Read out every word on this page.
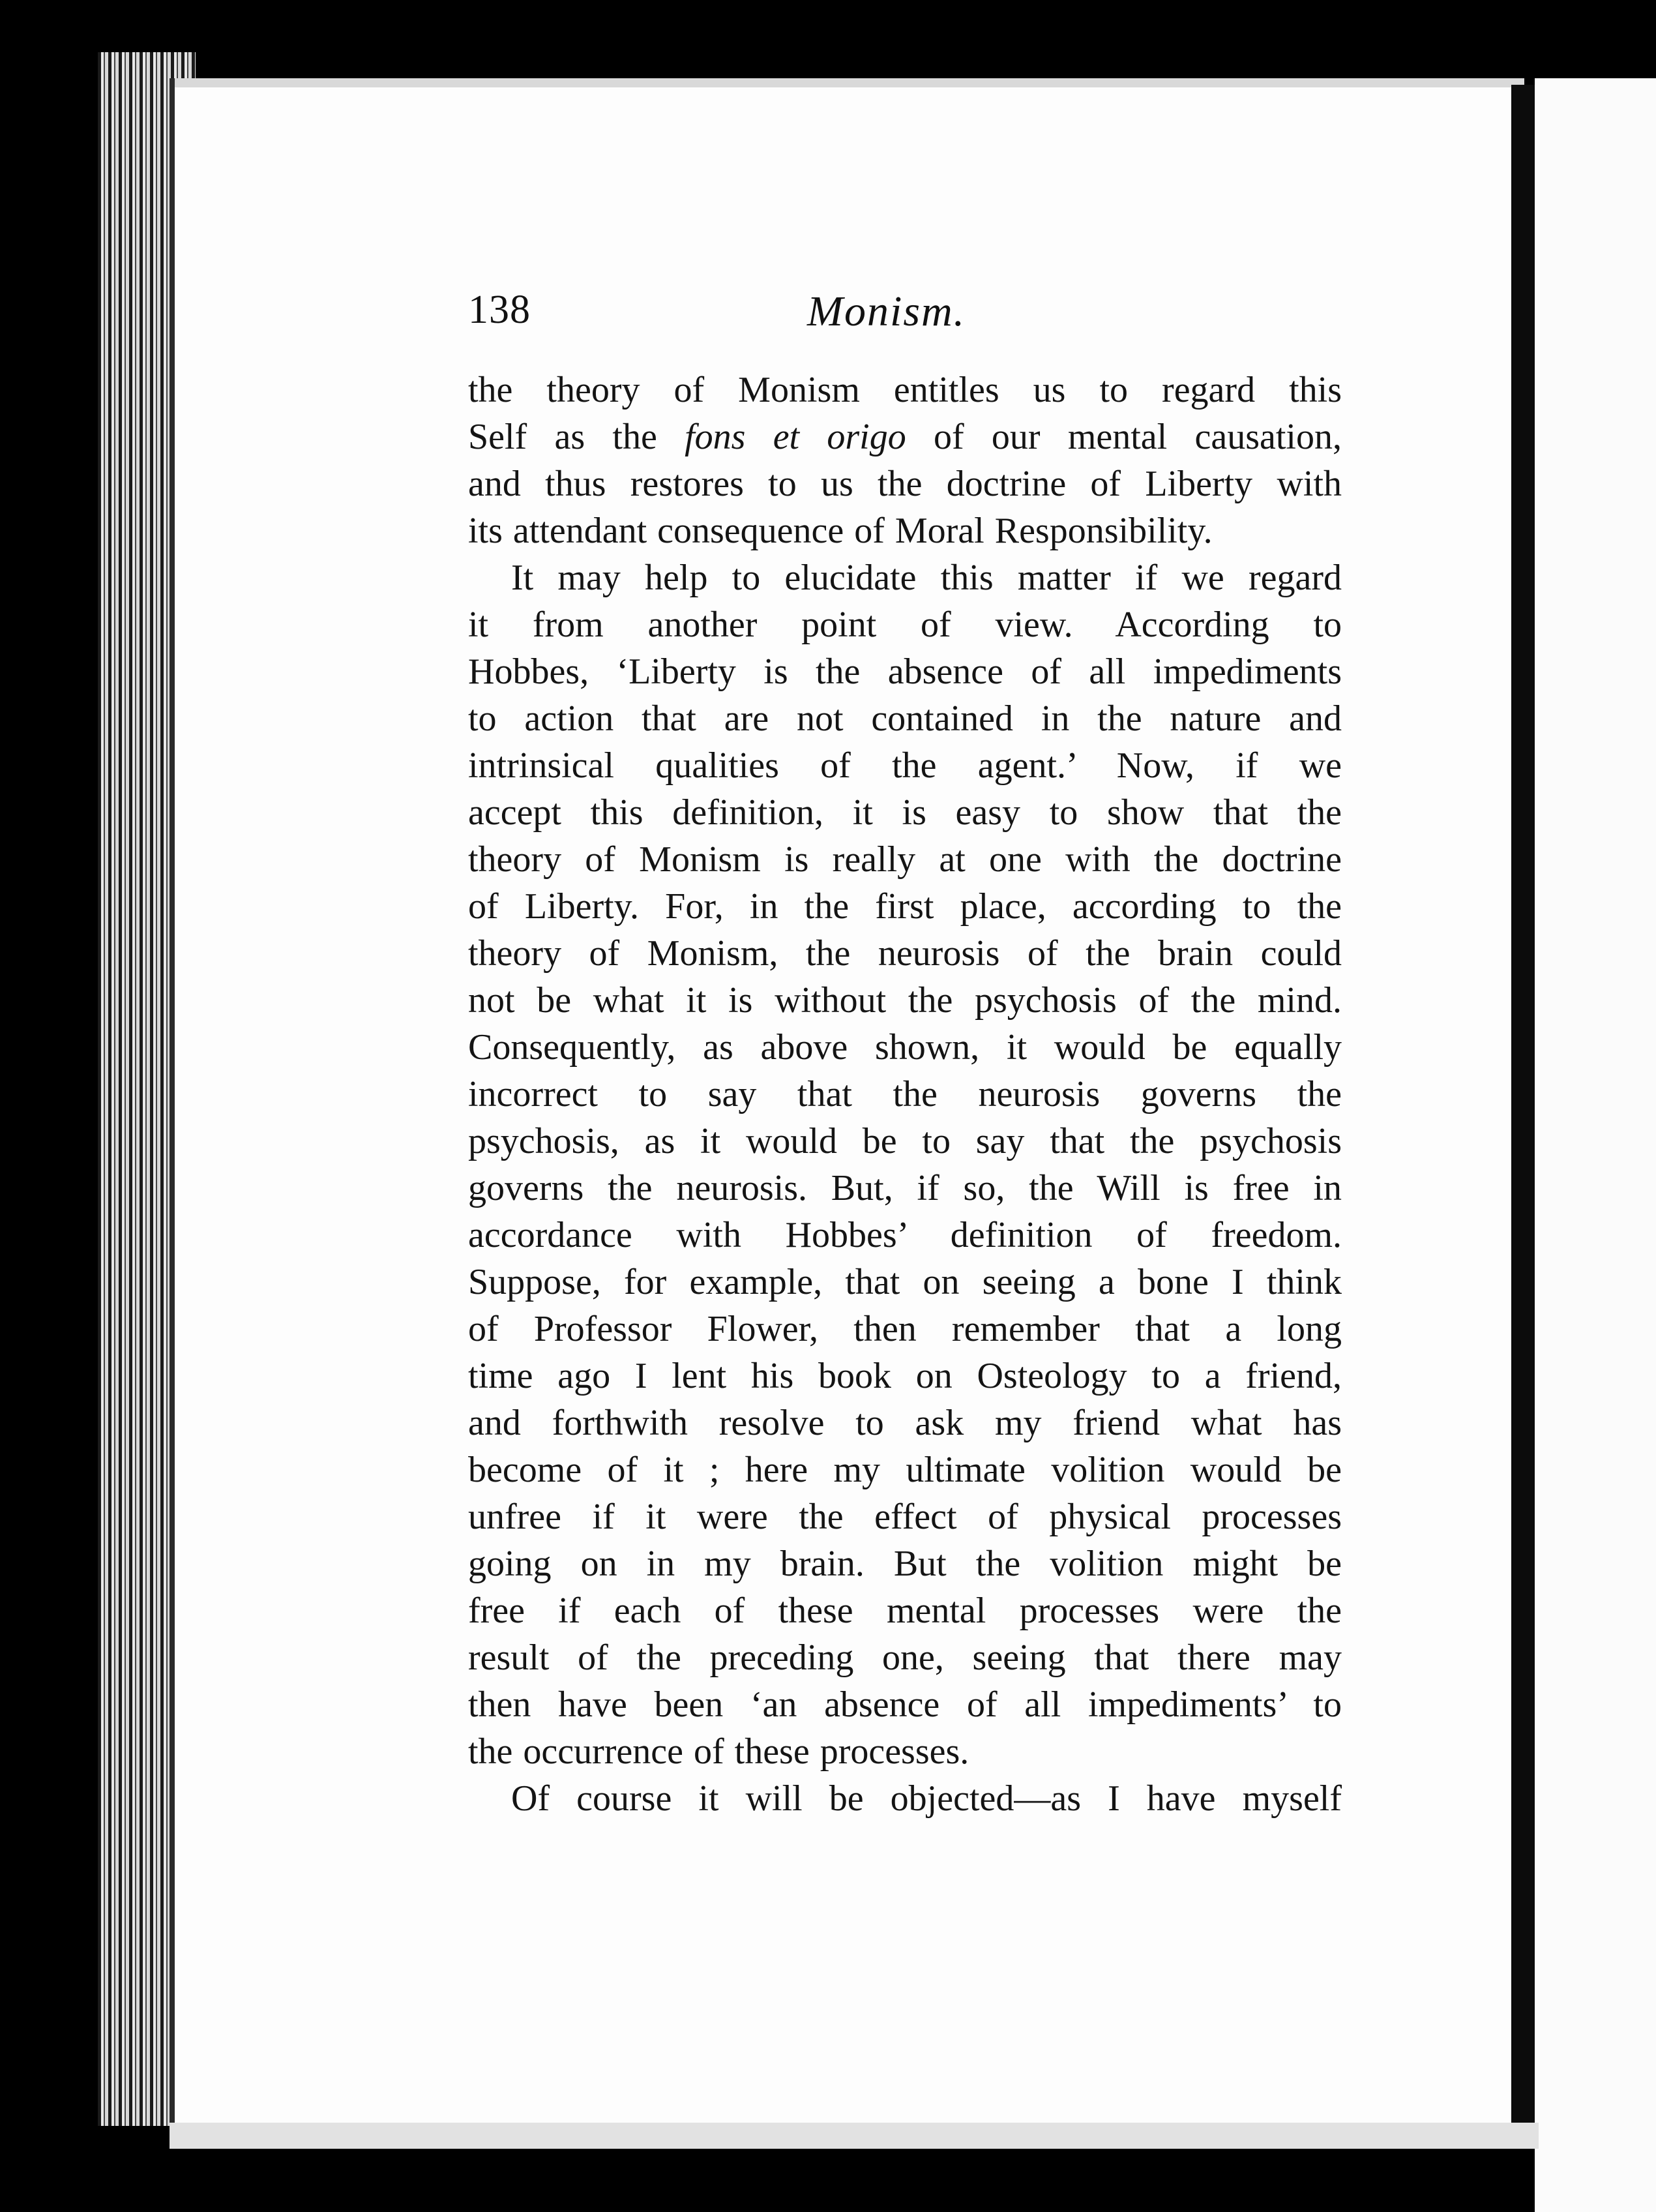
138	Monism.
the theory of Monism entitles us to regard this
Self as the fons et origo of our mental causation,
and thus restores to us the doctrine of Liberty with
its attendant consequence of Moral Responsibility.
It may help to elucidate this matter if we regard
it from another point of view. According to
Hobbes, ‘Liberty is the absence of all impediments
to action that are not contained in the nature and
intrinsical qualities of the agent.’ Now, if we
accept this definition, it is easy to show that the
theory of Monism is really at one with the doctrine
of Liberty. For, in the first place, according to the
theory of Monism, the neurosis of the brain could
not be what it is without the psychosis of the mind.
Consequently, as above shown, it would be equally
incorrect to say that the neurosis governs the
psychosis, as it would be to say that the psychosis
governs the neurosis. But, if so, the Will is free in
accordance with Hobbes’ definition of freedom.
Suppose, for example, that on seeing a bone I think
of Professor Flower, then remember that a long
time ago I lent his book on Osteology to a friend,
and forthwith resolve to ask my friend what has
become of it ; here my ultimate volition would be
unfree if it were the effect of physical processes
going on in my brain. But the volition might be
free if each of these mental processes were the
result of the preceding one, seeing that there may
then have been ‘an absence of all impediments’ to
the occurrence of these processes.
Of course it will be objected—as I have myself
